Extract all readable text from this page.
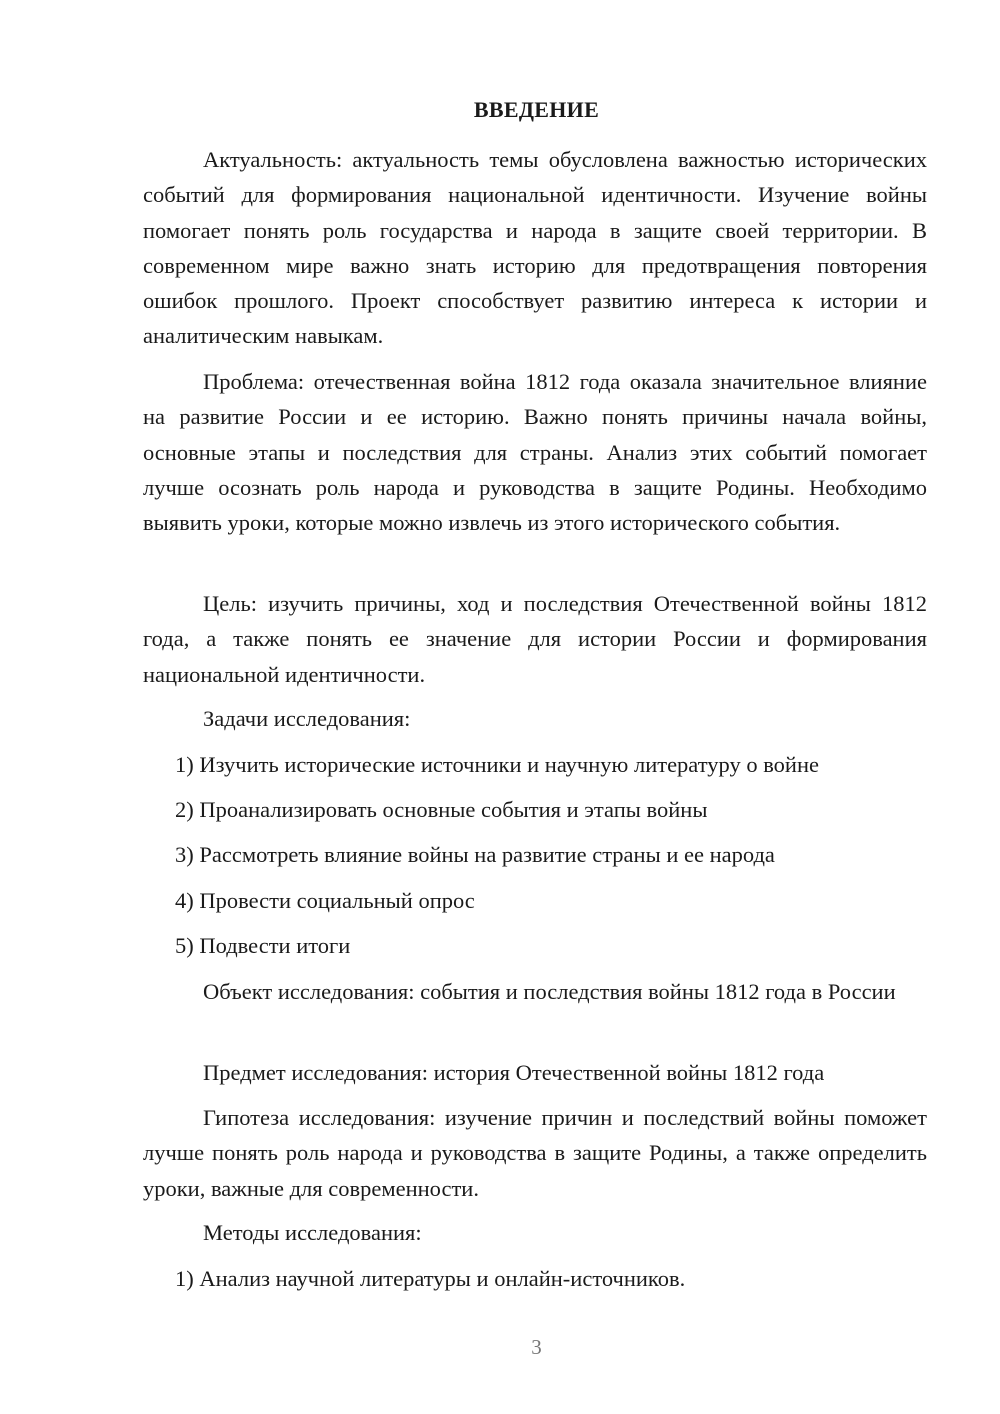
ВВЕДЕНИЕ

Актуальность: актуальность темы обусловлена важностью исторических событий для формирования национальной идентичности. Изучение войны помогает понять роль государства и народа в защите своей территории. В современном мире важно знать историю для предотвращения повторения ошибок прошлого. Проект способствует развитию интереса к истории и аналитическим навыкам.

Проблема: отечественная война 1812 года оказала значительное влияние на развитие России и ее историю. Важно понять причины начала войны, основные этапы и последствия для страны. Анализ этих событий помогает лучше осознать роль народа и руководства в защите Родины. Необходимо выявить уроки, которые можно извлечь из этого исторического события.

Цель: изучить причины, ход и последствия Отечественной войны 1812 года, а также понять ее значение для истории России и формирования национальной идентичности.

Задачи исследования:

1) Изучить исторические источники и научную литературу о войне

2) Проанализировать основные события и этапы войны

3) Рассмотреть влияние войны на развитие страны и ее народа

4) Провести социальный опрос

5) Подвести итоги

Объект исследования: события и последствия войны 1812 года в России

Предмет исследования: история Отечественной войны 1812 года

Гипотеза исследования: изучение причин и последствий войны поможет лучше понять роль народа и руководства в защите Родины, а также определить уроки, важные для современности.

Методы исследования:

1) Анализ научной литературы и онлайн-источников.

3
